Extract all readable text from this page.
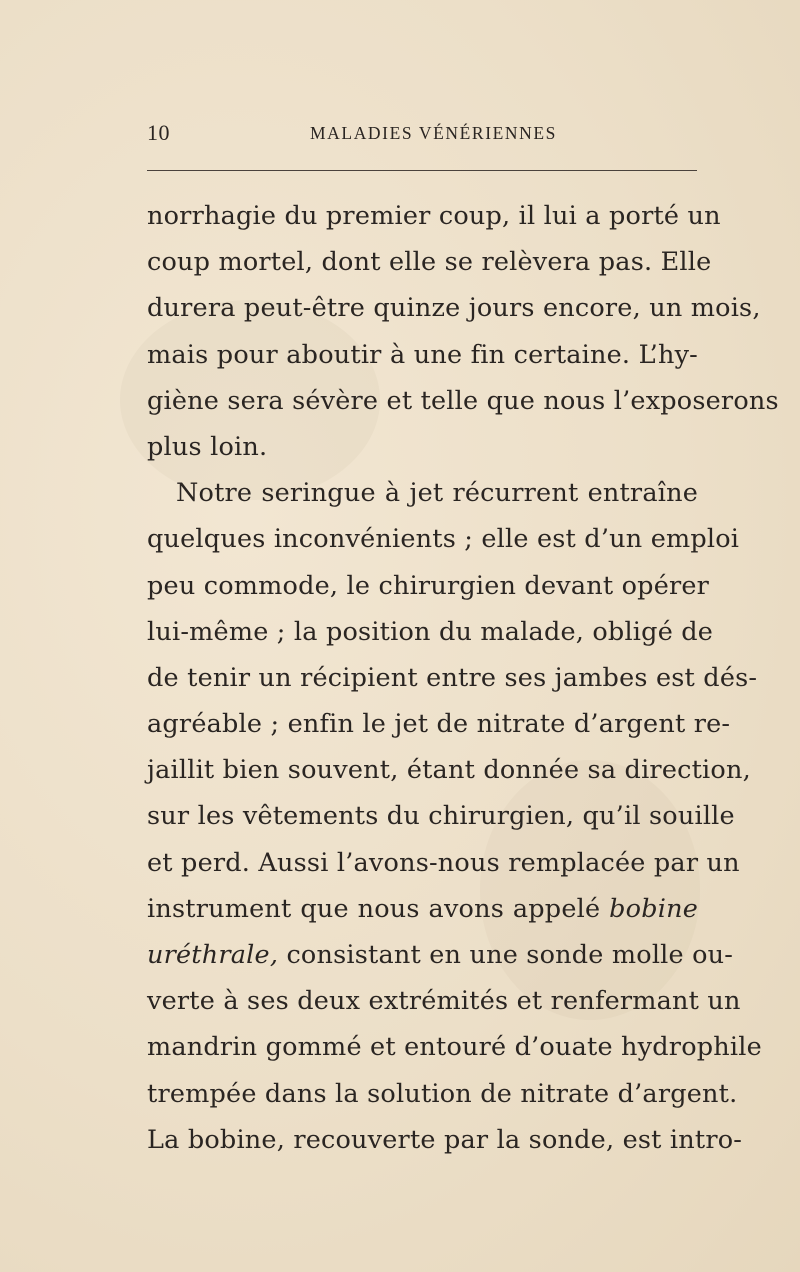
10	MALADIES VÉNÉRIENNES
norrhagie du premier coup, il lui a porté un
coup mortel, dont elle se relèvera pas. Elle
durera peut-être quinze jours encore, un mois,
mais pour aboutir à une fin certaine. L’hy-
giène sera sévère et telle que nous l’exposerons
plus loin.
Notre seringue à jet récurrent entraîne
quelques inconvénients ; elle est d’un emploi
peu commode, le chirurgien devant opérer
lui-même ; la position du malade, obligé de
de tenir un récipient entre ses jambes est dés-
agréable ; enfin le jet de nitrate d’argent re-
jaillit bien souvent, étant donnée sa direction,
sur les vêtements du chirurgien, qu’il souille
et perd. Aussi l’avons-nous remplacée par un
instrument que nous avons appelé bobine
uréthrale, consistant en une sonde molle ou-
verte à ses deux extrémités et renfermant un
mandrin gommé et entouré d’ouate hydrophile
trempée dans la solution de nitrate d’argent.
La bobine, recouverte par la sonde, est intro-
